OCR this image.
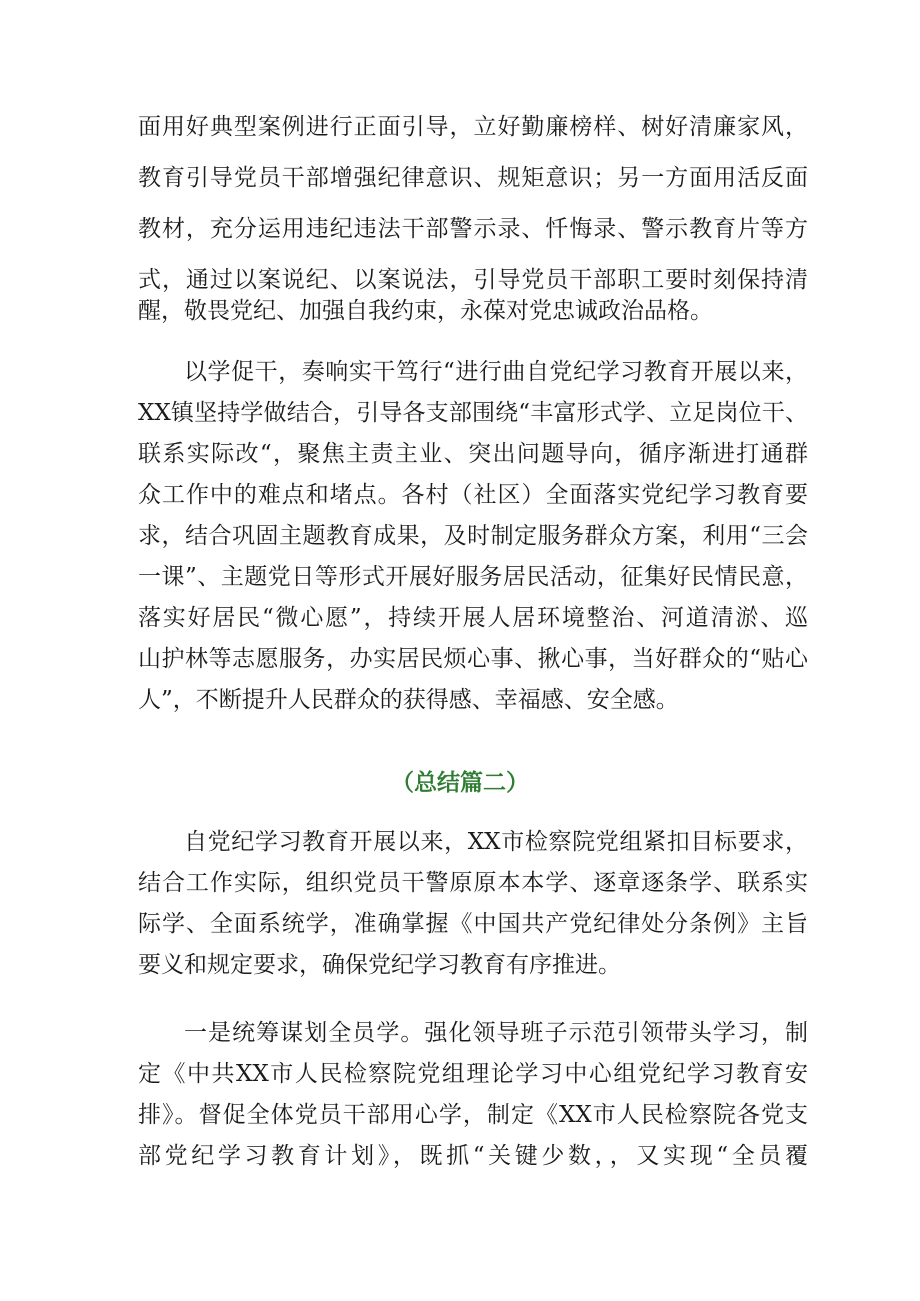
面用好典型案例进行正面引导，立好勤廉榜样、树好清廉家风，
教育引导党员干部增强纪律意识、规矩意识；另一方面用活反面
教材，充分运用违纪违法干部警示录、忏悔录、警示教育片等方
式，通过以案说纪、以案说法，引导党员干部职工要时刻保持清
醒，敬畏党纪、加强自我约束，永葆对党忠诚政治品格。
以学促干，奏响实干笃行“进行曲自党纪学习教育开展以来，
XX镇坚持学做结合，引导各支部围绕“丰富形式学、立足岗位干、
联系实际改“，聚焦主责主业、突出问题导向，循序渐进打通群
众工作中的难点和堵点。各村（社区）全面落实党纪学习教育要
求，结合巩固主题教育成果，及时制定服务群众方案，利用“三会
一课”、主题党日等形式开展好服务居民活动，征集好民情民意，
落实好居民“微心愿”，持续开展人居环境整治、河道清淤、巡
山护林等志愿服务，办实居民烦心事、揪心事，当好群众的“贴心
人”，不断提升人民群众的获得感、幸福感、安全感。
（总结篇二）
自党纪学习教育开展以来，XX市检察院党组紧扣目标要求，
结合工作实际，组织党员干警原原本本学、逐章逐条学、联系实
际学、全面系统学，准确掌握《中国共产党纪律处分条例》主旨
要义和规定要求，确保党纪学习教育有序推进。
一是统筹谋划全员学。强化领导班子示范引领带头学习，制
定《中共XX市人民检察院党组理论学习中心组党纪学习教育安
排》。督促全体党员干部用心学，制定《XX市人民检察院各党支
部党纪学习教育计划》，既抓“关键少数，，又实现“全员覆
